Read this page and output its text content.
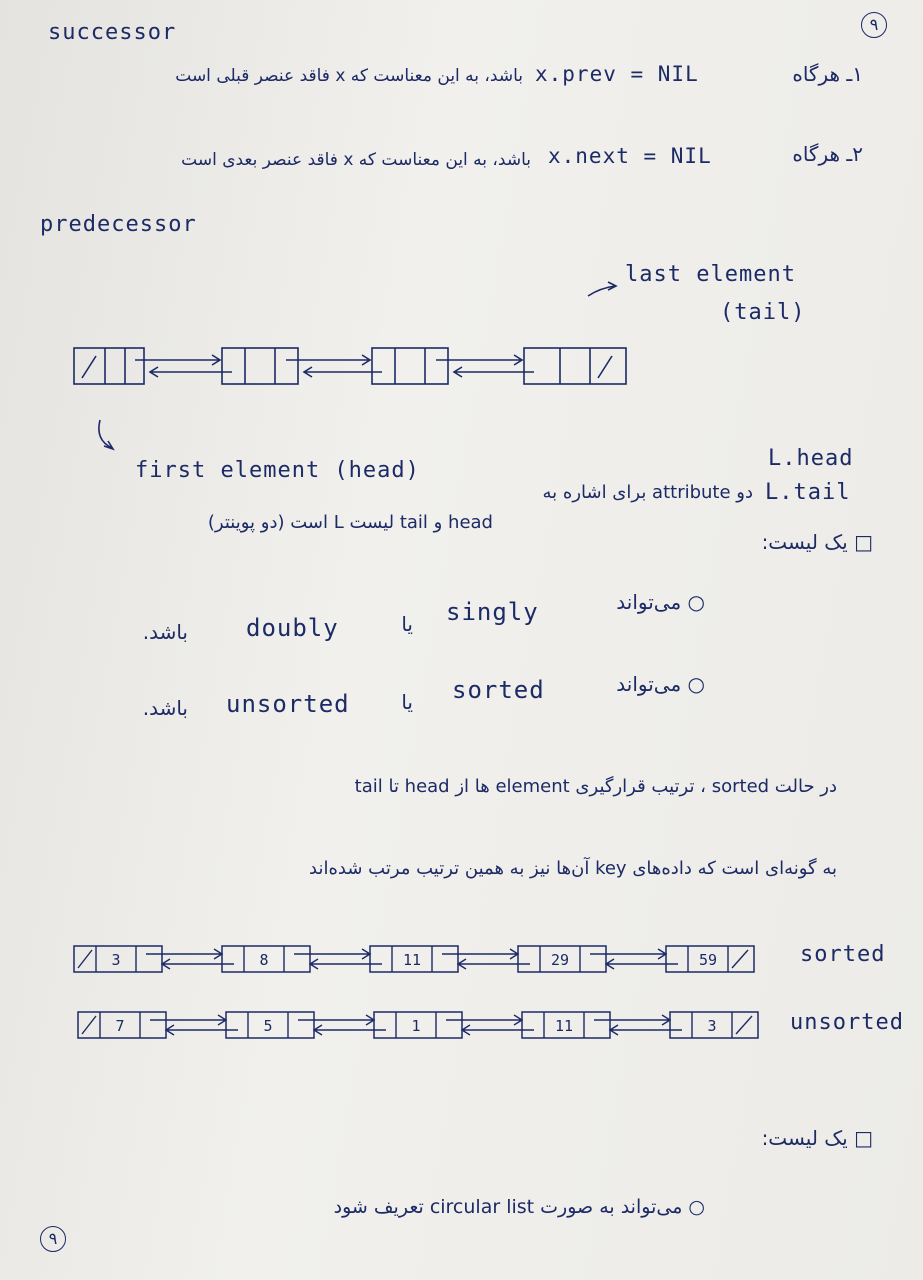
۹
successor
۱ـ هرگاه
x.prev = NIL
باشد، به این معناست که x فاقد عنصر قبلی است
۲ـ هرگاه
x.next = NIL
باشد، به این معناست که x فاقد عنصر بعدی است
predecessor
last element
(tail)
first element (head)	L.head
L.tail
دو attribute برای اشاره به
head و tail لیست L است (دو پوینتر)
□ یک لیست:
○ می‌تواند
singly
یا
doubly
باشد.
○ می‌تواند
sorted
یا
unsorted
باشد.
در حالت sorted ، ترتیب قرارگیری element ها از head تا tail
به گونه‌ای است که داده‌های key آن‌ها نیز به همین ترتیب مرتب شده‌اند
sorted
unsorted
3	8	11	29	59
7	5	1	11	3
□ یک لیست:
○ می‌تواند به صورت circular list تعریف شود
۹
